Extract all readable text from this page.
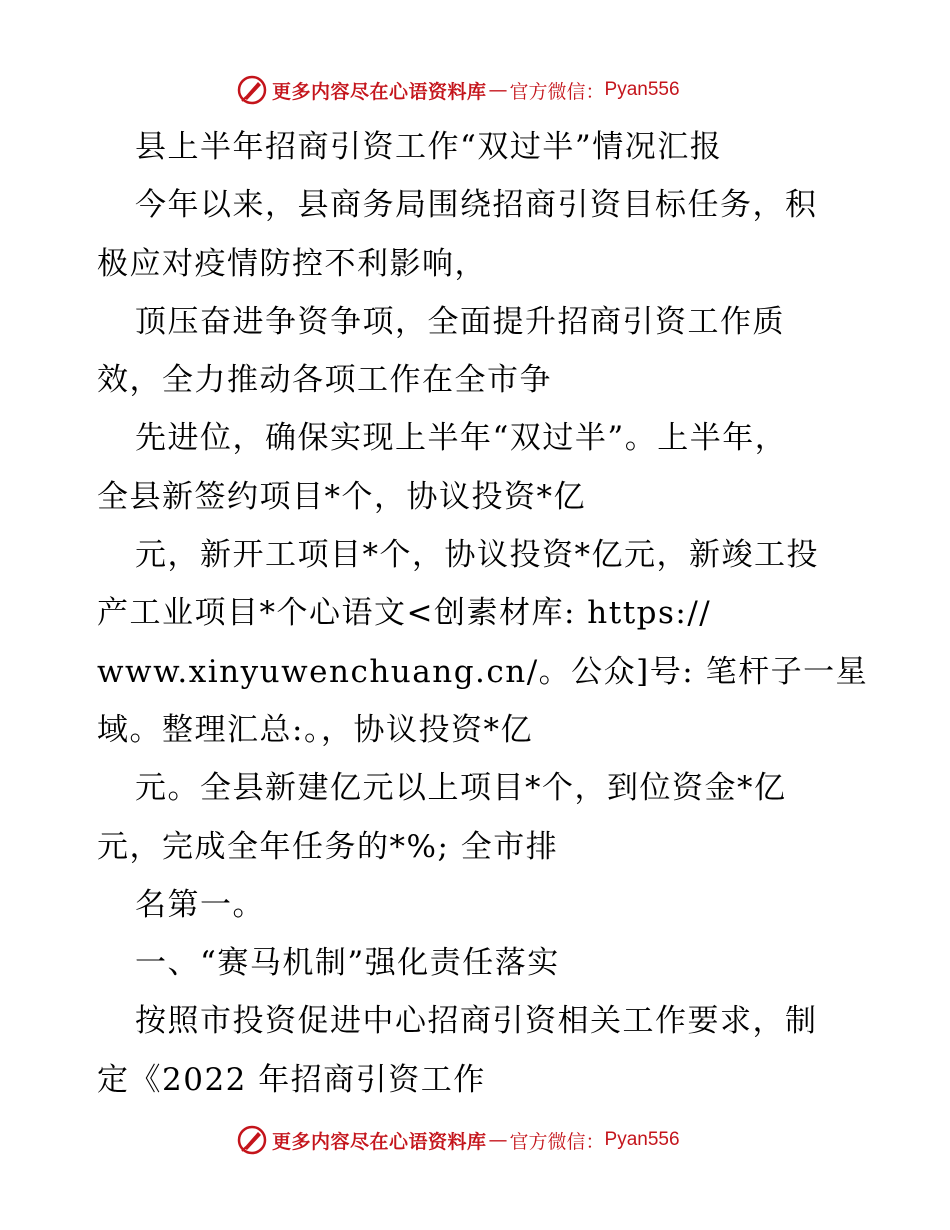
更多内容尽在心语资料库 — 官方微信： Pyan556
县上半年招商引资工作“双过半”情况汇报
今年以来，县商务局围绕招商引资目标任务，积
极应对疫情防控不利影响，
顶压奋进争资争项，全面提升招商引资工作质
效，全力推动各项工作在全市争
先进位，确保实现上半年“双过半”。上半年，
全县新签约项目*个，协议投资*亿
元，新开工项目*个，协议投资*亿元，新竣工投
产工业项目*个心语文<创素材库: https://
www.xinyuwenchuang.cn/。公众]号: 笔杆子一星
域。整理汇总:。，协议投资*亿
元。全县新建亿元以上项目*个，到位资金*亿
元，完成全年任务的*%; 全市排
名第一。
一、“赛马机制”强化责任落实
按照市投资促进中心招商引资相关工作要求，制
定《2022 年招商引资工作
更多内容尽在心语资料库 — 官方微信： Pyan556
